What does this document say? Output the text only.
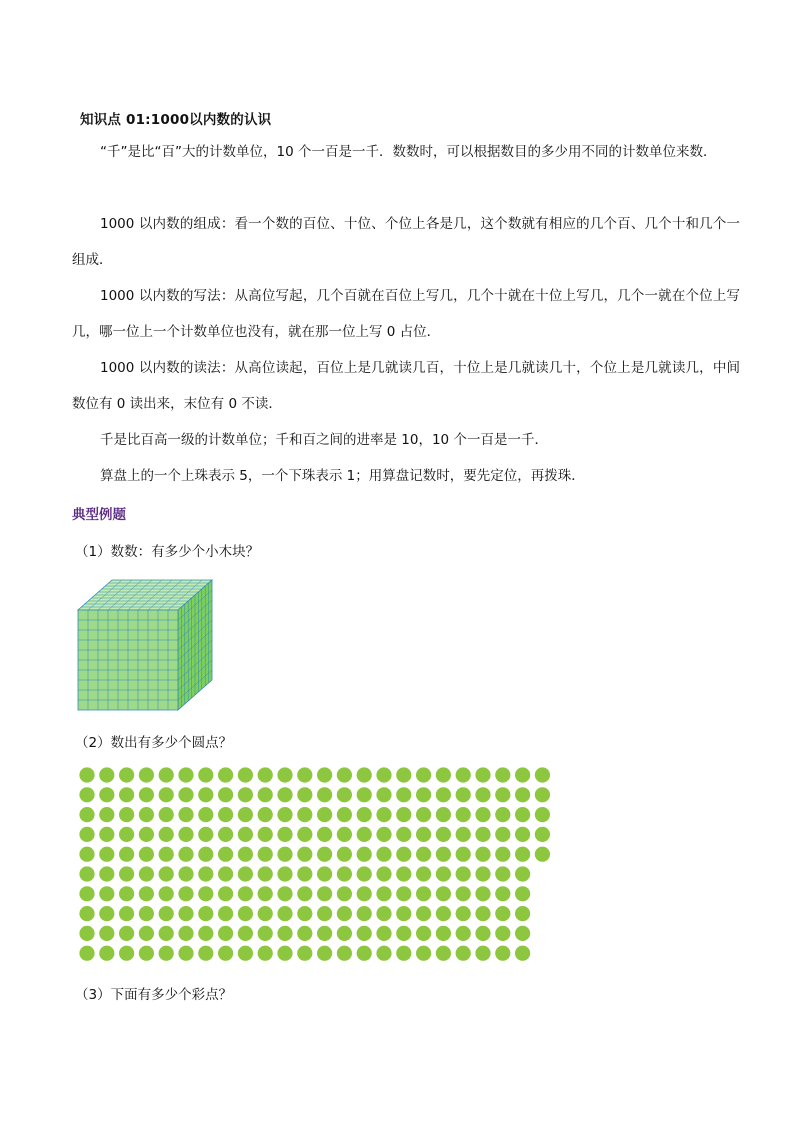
知识点 01:1000以内数的认识
“千”是比“百”大的计数单位，10 个一百是一千．数数时，可以根据数目的多少用不同的计数单位来数．
1000 以内数的组成：看一个数的百位、十位、个位上各是几，这个数就有相应的几个百、几个十和几个一组成．
1000 以内数的写法：从高位写起，几个百就在百位上写几，几个十就在十位上写几，几个一就在个位上写几，哪一位上一个计数单位也没有，就在那一位上写 0 占位．
1000 以内数的读法：从高位读起，百位上是几就读几百，十位上是几就读几十，个位上是几就读几，中间数位有 0 读出来，末位有 0 不读．
千是比百高一级的计数单位；千和百之间的进率是 10，10 个一百是一千．
算盘上的一个上珠表示 5，一个下珠表示 1；用算盘记数时，要先定位，再拨珠．
典型例题
（1）数数：有多少个小木块？
（2）数出有多少个圆点？
（3）下面有多少个彩点？
